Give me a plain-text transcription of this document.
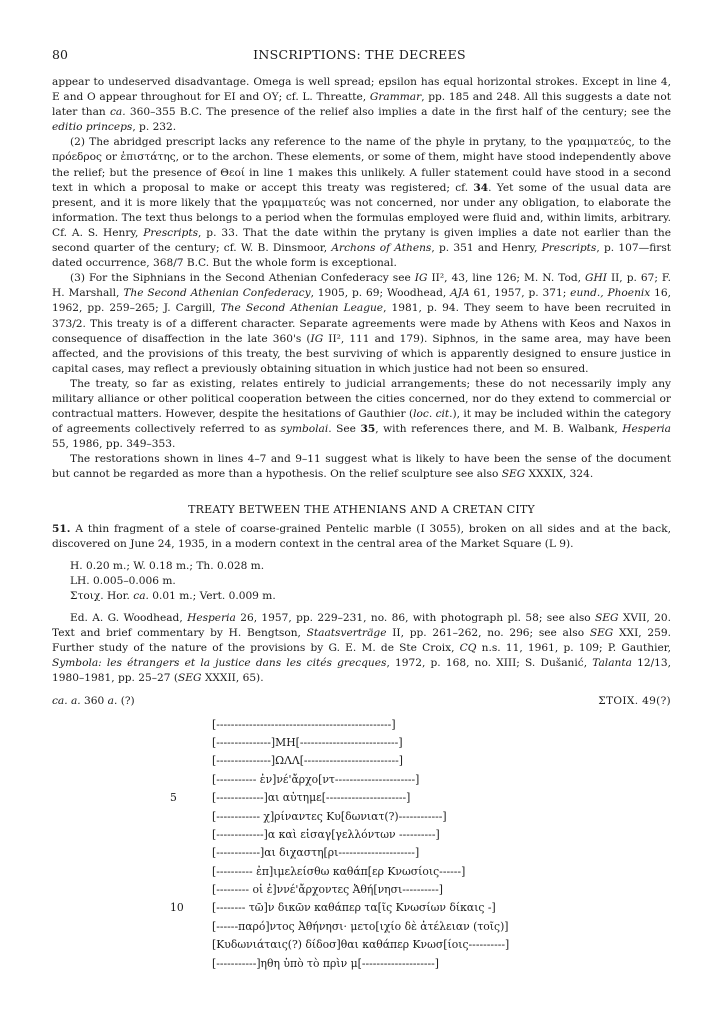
80	INSCRIPTIONS: THE DECREES

appear to undeserved disadvantage. Omega is well spread; epsilon has equal horizontal strokes. Except in line 4, E and O appear throughout for EI and OΥ; cf. L. Threatte, Grammar, pp. 185 and 248. All this suggests a date not later than ca. 360–355 B.C. The presence of the relief also implies a date in the first half of the century; see the editio princeps, p. 232.

(2) The abridged prescript lacks any reference to the name of the phyle in prytany, to the γραμματεύς, to the πρόεδρος or ἐπιστάτης, or to the archon. These elements, or some of them, might have stood independently above the relief; but the presence of Θεοί in line 1 makes this unlikely. A fuller statement could have stood in a second text in which a proposal to make or accept this treaty was registered; cf. 34. Yet some of the usual data are present, and it is more likely that the γραμματεύς was not concerned, nor under any obligation, to elaborate the information. The text thus belongs to a period when the formulas employed were fluid and, within limits, arbitrary. Cf. A. S. Henry, Prescripts, p. 33. That the date within the prytany is given implies a date not earlier than the second quarter of the century; cf. W. B. Dinsmoor, Archons of Athens, p. 351 and Henry, Prescripts, p. 107—first dated occurrence, 368/7 B.C. But the whole form is exceptional.

(3) For the Siphnians in the Second Athenian Confederacy see IG II², 43, line 126; M. N. Tod, GHI II, p. 67; F. H. Marshall, The Second Athenian Confederacy, 1905, p. 69; Woodhead, AJA 61, 1957, p. 371; eund., Phoenix 16, 1962, pp. 259–265; J. Cargill, The Second Athenian League, 1981, p. 94. They seem to have been recruited in 373/2. This treaty is of a different character. Separate agreements were made by Athens with Keos and Naxos in consequence of disaffection in the late 360's (IG II², 111 and 179). Siphnos, in the same area, may have been affected, and the provisions of this treaty, the best surviving of which is apparently designed to ensure justice in capital cases, may reflect a previously obtaining situation in which justice had not been so ensured.

The treaty, so far as existing, relates entirely to judicial arrangements; these do not necessarily imply any military alliance or other political cooperation between the cities concerned, nor do they extend to commercial or contractual matters. However, despite the hesitations of Gauthier (loc. cit.), it may be included within the category of agreements collectively referred to as symbolai. See 35, with references there, and M. B. Walbank, Hesperia 55, 1986, pp. 349–353.

The restorations shown in lines 4–7 and 9–11 suggest what is likely to have been the sense of the document but cannot be regarded as more than a hypothesis. On the relief sculpture see also SEG XXXIX, 324.

TREATY BETWEEN THE ATHENIANS AND A CRETAN CITY

51. A thin fragment of a stele of coarse-grained Pentelic marble (I 3055), broken on all sides and at the back, discovered on June 24, 1935, in a modern context in the central area of the Market Square (L 9).

H. 0.20 m.; W. 0.18 m.; Th. 0.028 m.

LH. 0.005–0.006 m.

Στοιχ. Hor. ca. 0.01 m.; Vert. 0.009 m.

Ed. A. G. Woodhead, Hesperia 26, 1957, pp. 229–231, no. 86, with photograph pl. 58; see also SEG XVII, 20. Text and brief commentary by H. Bengtson, Staatsverträge II, pp. 261–262, no. 296; see also SEG XXI, 259. Further study of the nature of the provisions by G. E. M. de Ste Croix, CQ n.s. 11, 1961, p. 109; P. Gauthier, Symbola: les étrangers et la justice dans les cités grecques, 1972, p. 168, no. XIII; S. Dušanić, Talanta 12/13, 1980–1981, pp. 25–27 (SEG XXXII, 65).

ca. a. 360 a. (?)	ΣΤΟΙΧ. 49(?)
[------------------------------------------------]
[---------------]ΜΗ[---------------------------]
[---------------]ΩΛΛ[--------------------------]
[----------- ἐν]νέ'ἄρχο[ντ----------------------]
5	[-------------]αι αὐτημε[----------------------]
[------------ χ]ρίναντες Κυ[δωνιατ(?)------------]
[-------------]α καὶ εἰσαγ[γελλόντων ----------]
[------------]αι διχαστη[ρι---------------------]
[---------- ἐπ]ιμελείσθω καθάπ[ερ Κνωσίοις------]
[--------- οἱ ἐ]ννέ'ἄρχοντες Ἀθή[νησι----------]
10	[-------- τῶ]ν δικῶν καθάπερ τα[ῖς Κνωσίων δίκαις -]
[------παρό]ντος Ἀθήνησι· μετο[ιχίο δὲ ἀτέλειαν (τοῖς)]
[Κυδωνιάταις(?) δίδοσ]θαι καθάπερ Κνωσ[ίοις----------]
[-----------]ηθη ὑπὸ τὸ πρὶν μ[--------------------]
